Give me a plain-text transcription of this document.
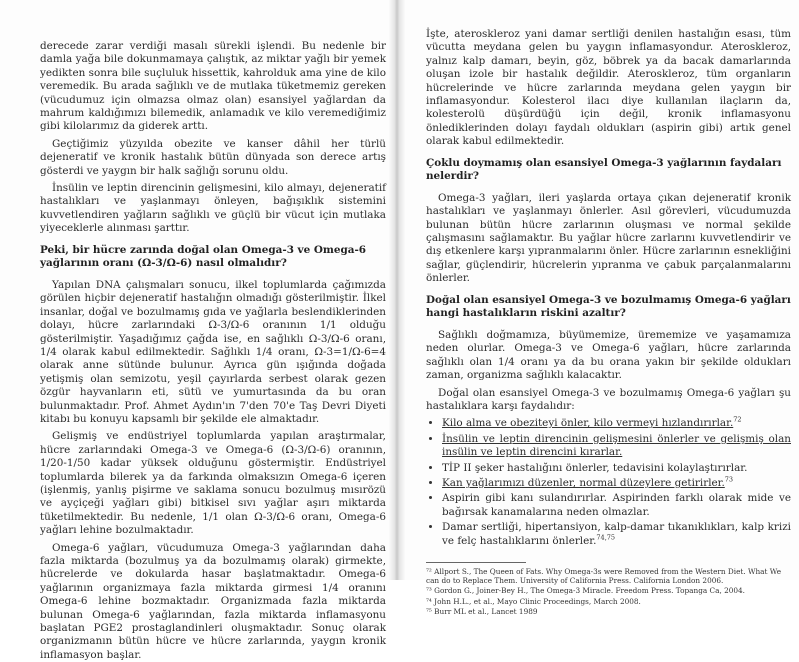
derecede zarar verdiği masalı sürekli işlendi. Bu nedenle bir damla yağa bile dokunmamaya çalıştık, az miktar yağlı bir yemek yedikten sonra bile suçluluk hissettik, kahrolduk ama yine de kilo veremedik. Bu arada sağlıklı ve de mutlaka tüketmemiz gereken (vücudumuz için olmazsa olmaz olan) esansiyel yağlardan da mahrum kaldığımızı bilemedik, anlamadık ve kilo veremediğimiz gibi kilolarımız da giderek arttı.

Geçtiğimiz yüzyılda obezite ve kanser dâhil her türlü dejeneratif ve kronik hastalık bütün dünyada son derece artış gösterdi ve yaygın bir halk sağlığı sorunu oldu.

İnsülin ve leptin direncinin gelişmesini, kilo almayı, dejeneratif hastalıkları ve yaşlanmayı önleyen, bağışıklık sistemini kuvvetlendiren yağların sağlıklı ve güçlü bir vücut için mutlaka yiyeceklerle alınması şarttır.

Peki, bir hücre zarında doğal olan Omega-3 ve Omega-6 yağlarının oranı (Ω-3/Ω-6) nasıl olmalıdır?

Yapılan DNA çalışmaları sonucu, ilkel toplumlarda çağımızda görülen hiçbir dejeneratif hastalığın olmadığı gösterilmiştir. İlkel insanlar, doğal ve bozulmamış gıda ve yağlarla beslendiklerinden dolayı, hücre zarlarındaki Ω-3/Ω-6 oranının 1/1 olduğu gösterilmiştir. Yaşadığımız çağda ise, en sağlıklı Ω-3/Ω-6 oranı, 1/4 olarak kabul edilmektedir. Sağlıklı 1/4 oranı, Ω-3=1/Ω-6=4 olarak anne sütünde bulunur. Ayrıca gün ışığında doğada yetişmiş olan semizotu, yeşil çayırlarda serbest olarak gezen özgür hayvanların eti, sütü ve yumurtasında da bu oran bulunmaktadır. Prof. Ahmet Aydın'ın 7'den 70'e Taş Devri Diyeti kitabı bu konuyu kapsamlı bir şekilde ele almaktadır.

Gelişmiş ve endüstriyel toplumlarda yapılan araştırmalar, hücre zarlarındaki Omega-3 ve Omega-6 (Ω-3/Ω-6) oranının, 1/20-1/50 kadar yüksek olduğunu göstermiştir. Endüstriyel toplumlarda bilerek ya da farkında olmaksızın Omega-6 içeren (işlenmiş, yanlış pişirme ve saklama sonucu bozulmuş mısırözü ve ayçiçeği yağları gibi) bitkisel sıvı yağlar aşırı miktarda tüketilmektedir. Bu nedenle, 1/1 olan Ω-3/Ω-6 oranı, Omega-6 yağları lehine bozulmaktadır.

Omega-6 yağları, vücudumuza Omega-3 yağlarından daha fazla miktarda (bozulmuş ya da bozulmamış olarak) girmekte, hücrelerde ve dokularda hasar başlatmaktadır. Omega-6 yağlarının organizmaya fazla miktarda girmesi 1/4 oranını Omega-6 lehine bozmaktadır. Organizmada fazla miktarda bulunan Omega-6 yağlarından, fazla miktarda inflamasyonu başlatan PGE2 prostaglandinleri oluşmaktadır. Sonuç olarak organizmanın bütün hücre ve hücre zarlarında, yaygın kronik inflamasyon başlar.

İşte, ateroskleroz yani damar sertliği denilen hastalığın esası, tüm vücutta meydana gelen bu yaygın inflamasyondur. Ateroskleroz, yalnız kalp damarı, beyin, göz, böbrek ya da bacak damarlarında oluşan izole bir hastalık değildir. Ateroskleroz, tüm organların hücrelerinde ve hücre zarlarında meydana gelen yaygın bir inflamasyondur. Kolesterol ilacı diye kullanılan ilaçların da, kolesterolü düşürdüğü için değil, kronik inflamasyonu önlediklerinden dolayı faydalı oldukları (aspirin gibi) artık genel olarak kabul edilmektedir.

Çoklu doymamış olan esansiyel Omega-3 yağlarının faydaları nelerdir?

Omega-3 yağları, ileri yaşlarda ortaya çıkan dejeneratif kronik hastalıkları ve yaşlanmayı önlerler. Asıl görevleri, vücudumuzda bulunan bütün hücre zarlarının oluşması ve normal şekilde çalışmasını sağlamaktır. Bu yağlar hücre zarlarını kuvvetlendirir ve dış etkenlere karşı yıpranmalarını önler. Hücre zarlarının esnekliğini sağlar, güçlendirir, hücrelerin yıpranma ve çabuk parçalanmalarını önlerler.

Doğal olan esansiyel Omega-3 ve bozulmamış Omega-6 yağları hangi hastalıkların riskini azaltır?

Sağlıklı doğmamıza, büyümemize, ürememize ve yaşamamıza neden olurlar. Omega-3 ve Omega-6 yağları, hücre zarlarında sağlıklı olan 1/4 oranı ya da bu orana yakın bir şekilde oldukları zaman, organizma sağlıklı kalacaktır.

Doğal olan esansiyel Omega-3 ve bozulmamış Omega-6 yağları şu hastalıklara karşı faydalıdır:

• Kilo alma ve obeziteyi önler, kilo vermeyi hızlandırırlar.$^{72}$
• İnsülin ve leptin direncinin gelişmesini önlerler ve gelişmiş olan insülin ve leptin direncini kırarlar.
• TİP II şeker hastalığını önlerler, tedavisini kolaylaştırırlar.
• Kan yağlarımızı düzenler, normal düzeylere getirirler.$^{73}$
• Aspirin gibi kanı sulandırırlar. Aspirinden farklı olarak mide ve bağırsak kanamalarına neden olmazlar.
• Damar sertliği, hipertansiyon, kalp-damar tıkanıklıkları, kalp krizi ve felç hastalıklarını önlerler.$^{74,75}$

⁷² Allport S., The Queen of Fats. Why Omega-3s were Removed from the Western Diet. What We can do to Replace Them. University of California Press. California London 2006.

⁷³ Gordon G., Joiner-Bey H., The Omega-3 Miracle. Freedom Press. Topanga Ca, 2004.

⁷⁴ John H.L., et al., Mayo Clinic Proceedings, March 2008.

⁷⁵ Burr ML et al., Lancet 1989
